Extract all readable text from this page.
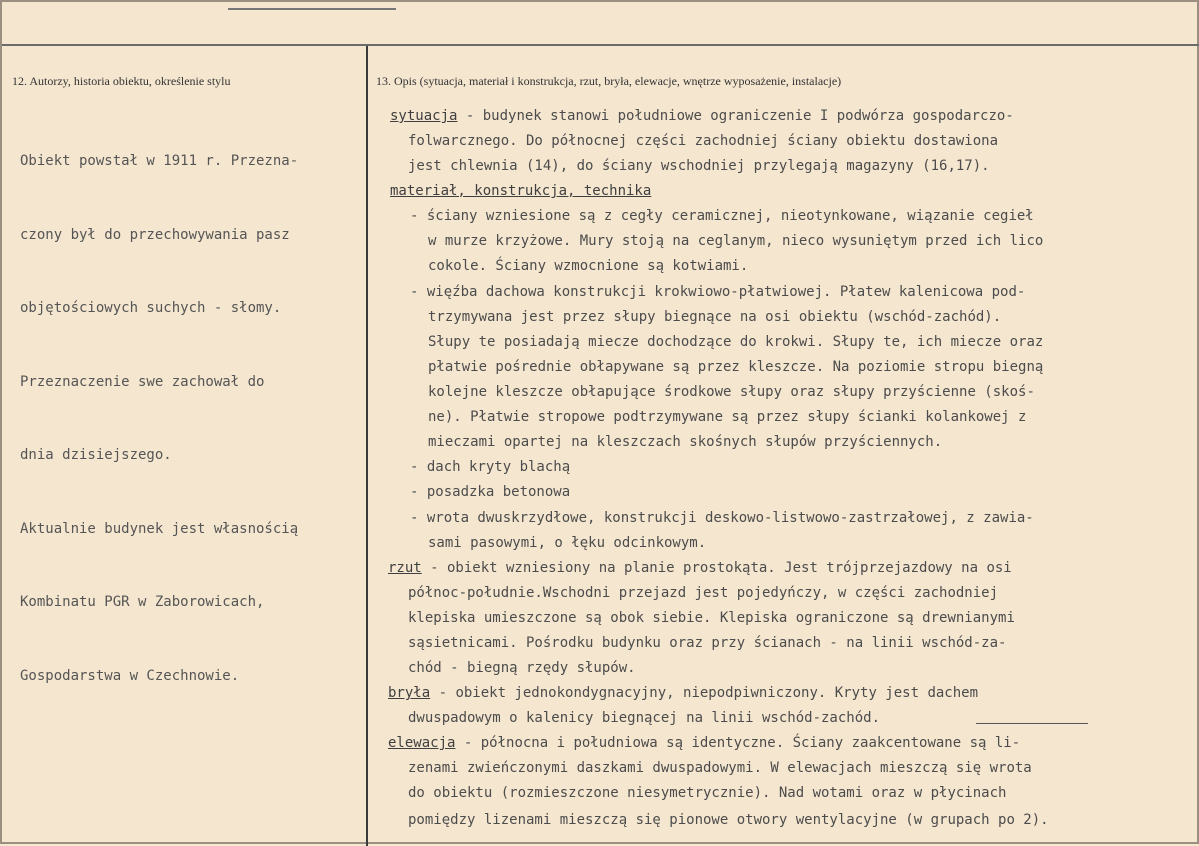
12. Autorzy, historia obiektu, określenie stylu	13. Opis (sytuacja, materiał i konstrukcja, rzut, bryła, elewacje, wnętrze wyposażenie, instalacje)

Obiekt powstał w 1911 r. Przezna-

czony był do przechowywania pasz

objętościowych suchych - słomy.

Przeznaczenie swe zachował do

dnia dzisiejszego.

Aktualnie budynek jest własnością

Kombinatu PGR w Zaborowicach,

Gospodarstwa w Czechnowie.

sytuacja - budynek stanowi południowe ograniczenie I podwórza gospodarczo-
folwarcznego. Do północnej części zachodniej ściany obiektu dostawiona
jest chlewnia (14), do ściany wschodniej przylegają magazyny (16,17).
materiał, konstrukcja, technika
- ściany wzniesione są z cegły ceramicznej, nieotynkowane, wiązanie cegieł
w murze krzyżowe. Mury stoją na ceglanym, nieco wysuniętym przed ich lico
cokole. Ściany wzmocnione są kotwiami.
- więźba dachowa konstrukcji krokwiowo-płatwiowej. Płatew kalenicowa pod-
trzymywana jest przez słupy biegnące na osi obiektu (wschód-zachód).
Słupy te posiadają miecze dochodzące do krokwi. Słupy te, ich miecze oraz
płatwie pośrednie obłapywane są przez kleszcze. Na poziomie stropu biegną
kolejne kleszcze obłapujące środkowe słupy oraz słupy przyścienne (skoś-
ne). Płatwie stropowe podtrzymywane są przez słupy ścianki kolankowej z
mieczami opartej na kleszczach skośnych słupów przyściennych.
- dach kryty blachą
- posadzka betonowa
- wrota dwuskrzydłowe, konstrukcji deskowo-listwowo-zastrzałowej, z zawia-
sami pasowymi, o łęku odcinkowym.
rzut - obiekt wzniesiony na planie prostokąta. Jest trójprzejazdowy na osi
północ-południe.Wschodni przejazd jest pojedyńczy, w części zachodniej
klepiska umieszczone są obok siebie. Klepiska ograniczone są drewnianymi
sąsietnicami. Pośrodku budynku oraz przy ścianach - na linii wschód-za-
chód - biegną rzędy słupów.
bryła - obiekt jednokondygnacyjny, niepodpiwniczony. Kryty jest dachem
dwuspadowym o kalenicy biegnącej na linii wschód-zachód.
elewacja - północna i południowa są identyczne. Ściany zaakcentowane są li-
zenami zwieńczonymi daszkami dwuspadowymi. W elewacjach mieszczą się wrota
do obiektu (rozmieszczone niesymetrycznie). Nad wotami oraz w płycinach
pomiędzy lizenami mieszczą się pionowe otwory wentylacyjne (w grupach po 2).
